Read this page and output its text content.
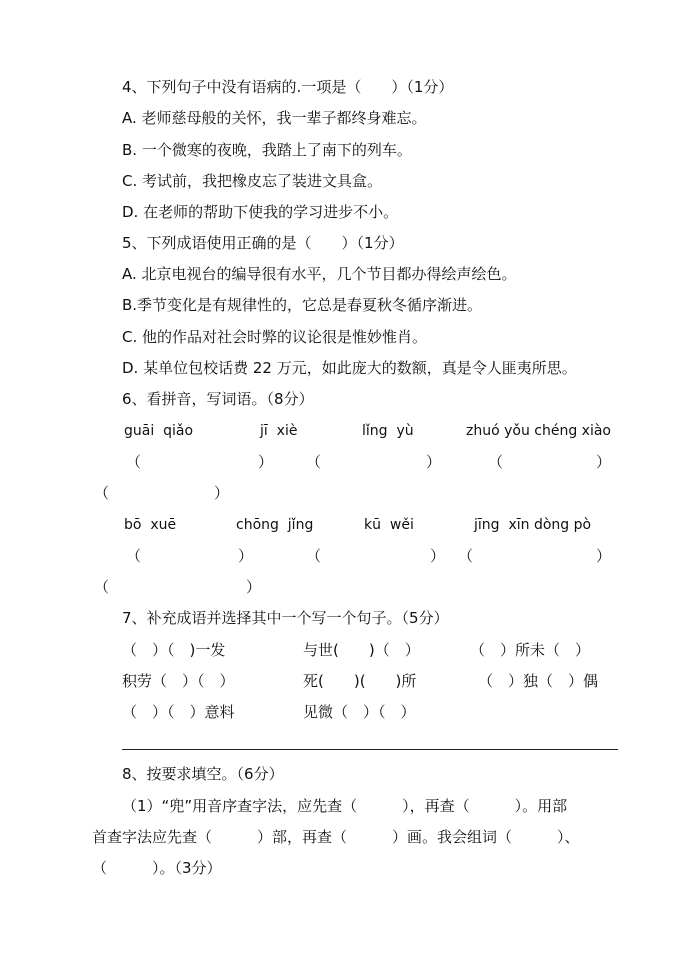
4、下列句子中没有语病的.一项是（　　）（1分）
A. 老师慈母般的关怀，我一辈子都终身难忘。
B. 一个微寒的夜晚，我踏上了南下的列车。
C. 考试前，我把橡皮忘了装进文具盒。
D. 在老师的帮助下使我的学习进步不小。
5、下列成语使用正确的是（　　）（1分）
A. 北京电视台的编导很有水平，几个节目都办得绘声绘色。
B.季节变化是有规律性的，它总是春夏秋冬循序渐进。
C. 他的作品对社会时弊的议论很是惟妙惟肖。
D. 某单位包校话费 22 万元，如此庞大的数额，真是令人匪夷所思。
6、看拼音，写词语。（8分）
guāi  qiǎo	jī  xiè	lǐng  yù	zhuó yǒu chéng xiào
（	） （	）	（	）
（	）
bō  xuē	chōng  jǐng	kū  wěi	jīng  xīn dòng pò
（	）	（	） （	）
（	）
7、补充成语并选择其中一个写一个句子。（5分）
（　）（　)一发	与世(　　)（　）	（　）所未（　）
积劳（　）（　）	死(　　)(　　)所	（　）独（　）偶
（　）（　）意料	见微（　）（　）
8、按要求填空。（6分）
（1）“兜”用音序查字法，应先查（　　　），再查（　　　）。用部
首查字法应先查（　　　）部，再查（　　　）画。我会组词（　　　）、
（　　　）。（3分）
